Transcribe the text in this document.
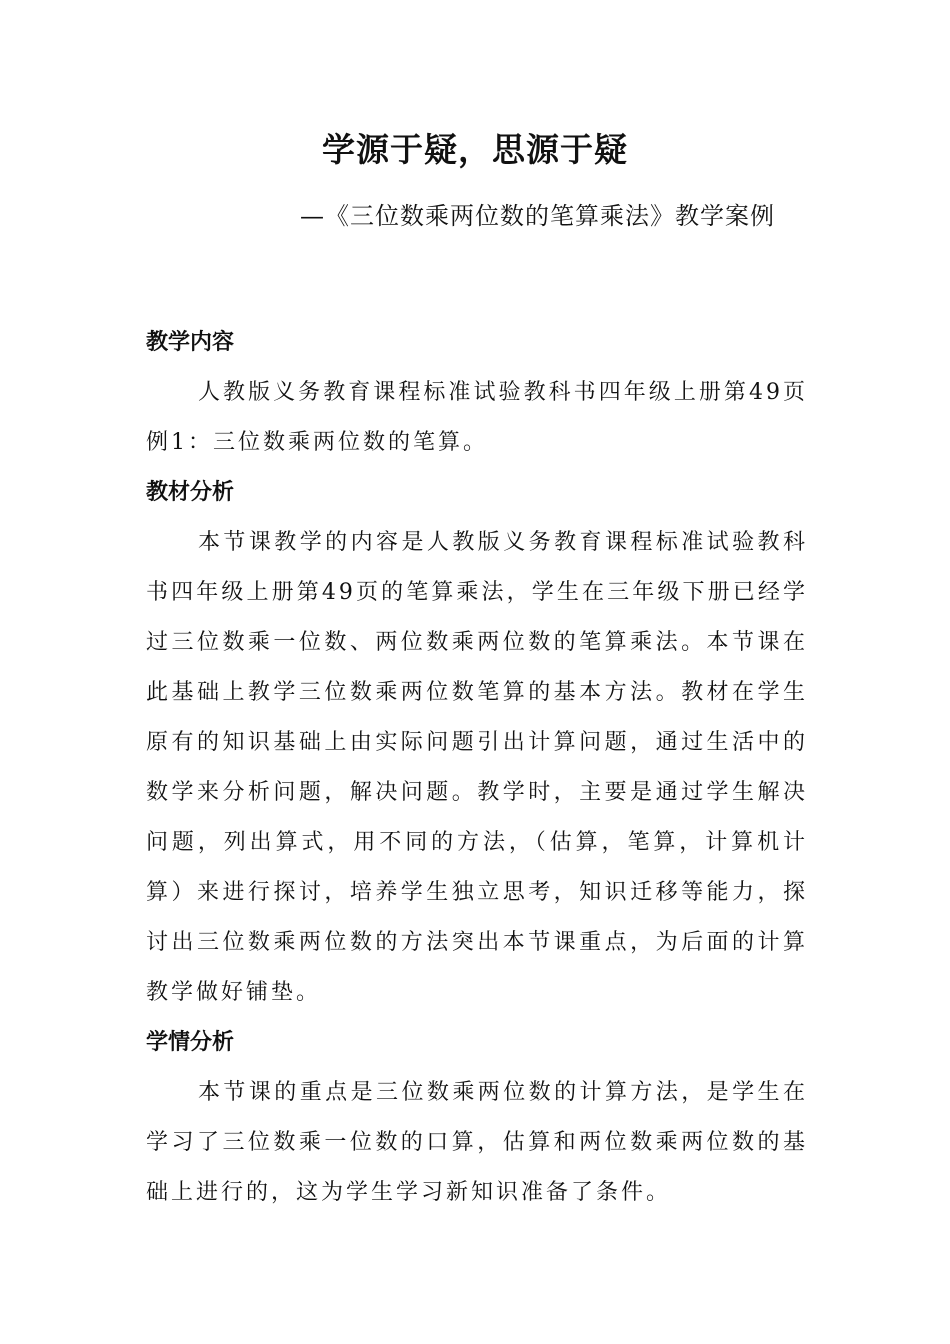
学源于疑，思源于疑

—《三位数乘两位数的笔算乘法》教学案例

教学内容

人教版义务教育课程标准试验教科书四年级上册第49页例1：三位数乘两位数的笔算。

教材分析

本节课教学的内容是人教版义务教育课程标准试验教科书四年级上册第49页的笔算乘法，学生在三年级下册已经学过三位数乘一位数、两位数乘两位数的笔算乘法。本节课在此基础上教学三位数乘两位数笔算的基本方法。教材在学生原有的知识基础上由实际问题引出计算问题，通过生活中的数学来分析问题，解决问题。教学时，主要是通过学生解决问题，列出算式，用不同的方法，（估算，笔算，计算机计算）来进行探讨，培养学生独立思考，知识迁移等能力，探讨出三位数乘两位数的方法突出本节课重点，为后面的计算教学做好铺垫。

学情分析

本节课的重点是三位数乘两位数的计算方法，是学生在学习了三位数乘一位数的口算，估算和两位数乘两位数的基础上进行的，这为学生学习新知识准备了条件。
